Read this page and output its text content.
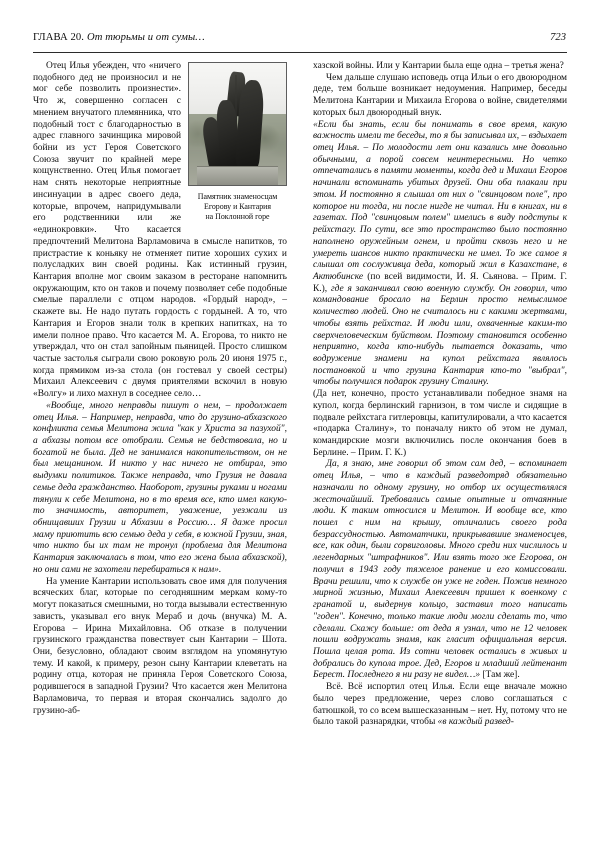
ГЛАВА 20. От тюрьмы и от сумы…	723
Памятник знаменосцам
Егорову и Кантария
на Поклонной горе

Отец Илья убежден, что «ничего подобного дед не произносил и не мог себе позволить произнести». Что ж, совершенно согласен с мнением внучатого племянника, что подобный тост с благодарностью в адрес главного зачинщика мировой бойни из уст Героя Советского Союза звучит по крайней мере кощунственно. Отец Илья помогает нам снять некоторые неприятные инсинуации в адрес своего деда, которые, впрочем, напридумывали его родственники или же «единокровки». Что касается предпочтений Мелитона Варламовича в смысле напитков, то пристрастие к коньяку не отменяет питие хороших сухих и полусладких вин своей родины. Как истинный грузин, Кантария вполне мог своим заказом в ресторане напомнить окружающим, кто он таков и почему позволяет себе подобные смелые параллели с отцом народов. «Гордый народ», – скажете вы. Не надо путать гордость с гордыней. А то, что Кантария и Егоров знали толк в крепких напитках, на то имели полное право. Что касается М. А. Егорова, то никто не утверждал, что он стал запойным пьяницей. Просто слишком частые застолья сыграли свою роковую роль 20 июня 1975 г., когда прямиком из-за стола (он гостевал у своей сестры) Михаил Алексеевич с двумя приятелями вскочил в новую «Волгу» и лихо махнул в соседнее село…

«Вообще, много неправды пишут о нем, – продолжает отец Илья. – Например, неправда, что до грузино-абхазского конфликта семья Мелитона жила "как у Христа за пазухой", а абхазы потом все отобрали. Семья не бедствовала, но и богатой не была. Дед не занимался накопительством, он не был мещанином. И никто у нас ничего не отбирал, это выдумки политиков. Также неправда, что Грузия не давала семье деда гражданство. Наоборот, грузины руками и ногами тянули к себе Мелитона, но в то время все, кто имел какую-то значимость, авторитет, уважение, уезжали из обнищавших Грузии и Абхазии в Россию… Я даже просил маму приютить всю семью деда у себя, в южной Грузии, зная, что никто бы их там не тронул (проблема для Мелитона Кантария заключалась в том, что его жена была абхазской), но они сами не захотели перебираться к нам».

На умение Кантарии использовать свое имя для получения всяческих благ, которые по сегодняшним меркам кому-то могут показаться смешными, но тогда вызывали естественную зависть, указывал его внук Мераб и дочь (внучка) М. А. Егорова – Ирина Михайловна. Об отказе в получении грузинского гражданства повествует сын Кантарии – Шота. Они, безусловно, обладают своим взглядом на упомянутую тему. И какой, к примеру, резон сыну Кантарии клеветать на родину отца, которая не приняла Героя Советского Союза, родившегося в западной Грузии? Что касается жен Мелитона Варламовича, то первая и вторая скончались задолго до грузино-аб-

хазской войны. Или у Кантарии была еще одна – третья жена?

Чем дальше слушаю исповедь отца Ильи о его двоюродном деде, тем больше возникает недоумения. Например, беседы Мелитона Кантарии и Михаила Егорова о войне, свидетелями которых был двоюродный внук.

«Если бы знать, если бы понимать в свое время, какую важность имели те беседы, то я бы записывал их, – вздыхает отец Илья. – По молодости лет они казались мне довольно обычными, а порой совсем неинтересными. Но четко отпечатались в памяти моменты, когда дед и Михаил Егоров начинали вспоминать убитых друзей. Они оба плакали при этом. И постоянно я слышал от них о "свинцовом поле", про которое ни тогда, ни после нигде не читал. Ни в книгах, ни в газетах. Под "свинцовым полем" имелись в виду подступы к рейхстагу. По сути, все это пространство было постоянно наполнено оружейным огнем, и пройти сквозь него и не умереть шансов никто практически не имел. То же самое я слышал от сослуживца деда, который жил в Казахстане, в Актюбинске (по всей видимости, И. Я. Сьянова. – Прим. Г. К.), где я заканчивал свою военную службу. Он говорил, что командование бросало на Берлин просто немыслимое количество людей. Оно не считалось ни с какими жертвами, чтобы взять рейхстаг. И люди шли, охваченные каким-то сверхчеловеческим буйством. Поэтому становится особенно неприятно, когда кто-нибудь пытается доказать, что водружение знамени на купол рейхстага являлось постановкой и что грузина Кантария кто-то "выбрал", чтобы получился подарок грузину Сталину.

(Да нет, конечно, просто устанавливали победное знамя на купол, когда берлинский гарнизон, в том числе и сидящие в подвале рейхстага гитлеровцы, капитулировали, а что касается «подарка Сталину», то поначалу никто об этом не думал, командирские мозги включились после окончания боев в Берлине. – Прим. Г. К.)

Да, я знаю, мне говорил об этом сам дед, – вспоминает отец Илья, – что в каждый разведотряд обязательно назначали по одному грузину, но отбор их осуществлялся жесточайший. Требовались самые опытные и отчаянные люди. К таким относился и Мелитон. И вообще все, кто пошел с ним на крышу, отличались своего рода безрассудностью. Автоматчики, прикрывавшие знаменосцев, все, как один, были сорвиголовы. Много среди них числилось и легендарных "штрафников". Или взять того же Егорова, он получил в 1943 году тяжелое ранение и его комиссовали. Врачи решили, что к службе он уже не годен. Пожив немного мирной жизнью, Михаил Алексеевич пришел к военкому с гранатой и, выдернув кольцо, заставил того написать "годен". Конечно, только такие люди могли сделать то, что сделали. Скажу больше: от деда я узнал, что не 12 человек пошли водружать знамя, как гласит официальная версия. Пошла целая рота. Из сотни человек остались в живых и добрались до купола трое. Дед, Егоров и младший лейтенант Берест. Последнего я ни разу не видел…» [Там же].

Всё. Всё испортил отец Илья. Если еще вначале можно было через предложение, через слово соглашаться с батюшкой, то со всем вышесказанным – нет. Ну, потому что не было такой разнарядки, чтобы «в каждый развед-
